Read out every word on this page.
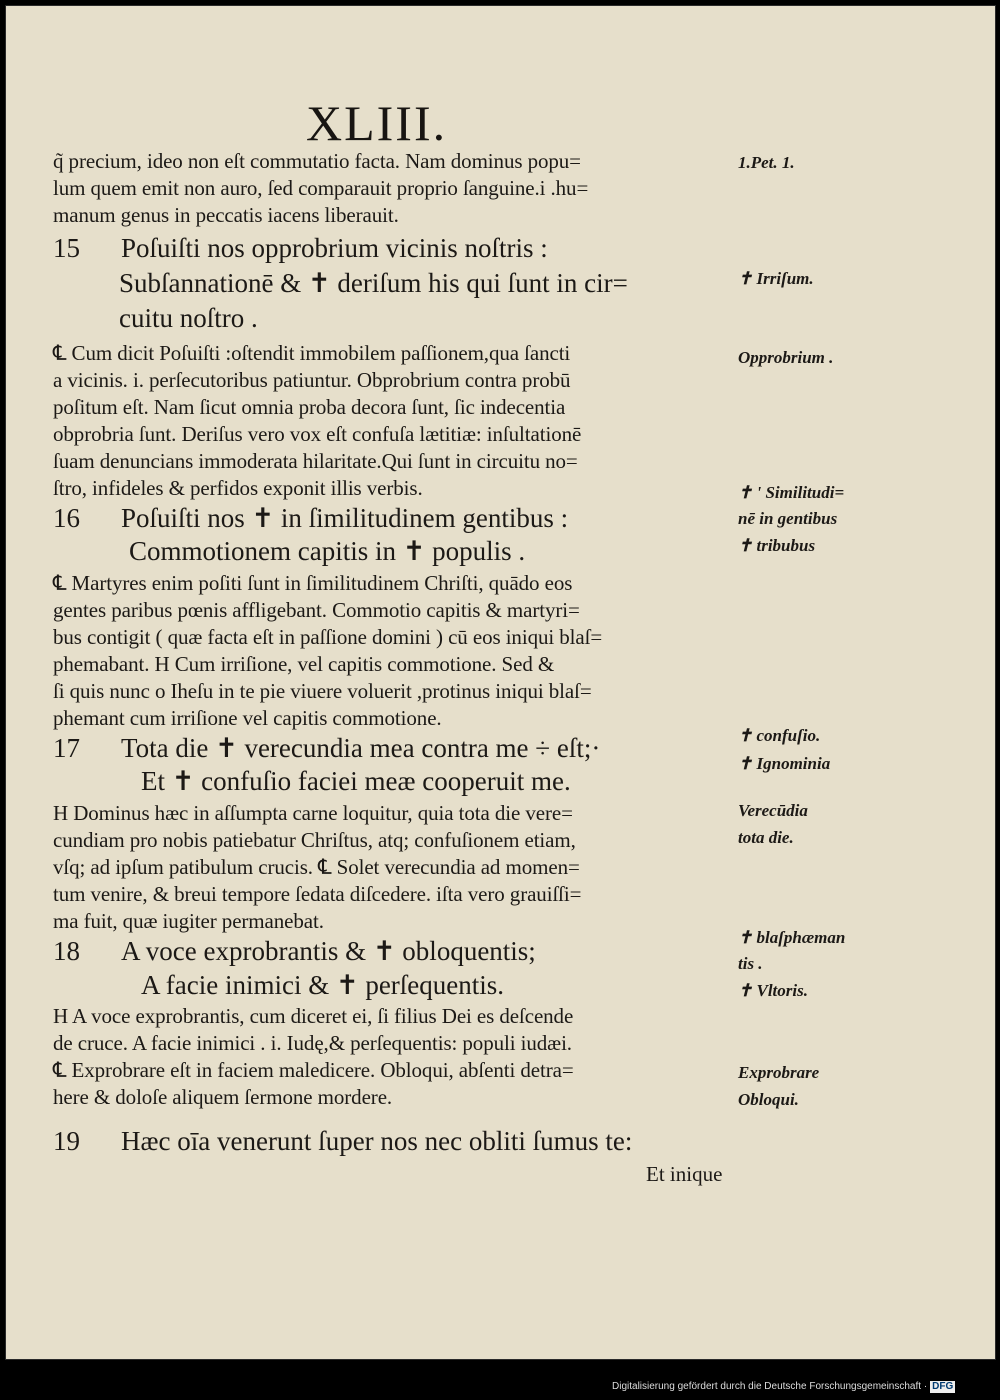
XLIII.
q̃ precium, ideo non eſt commutatio facta. Nam dominus popu=
lum quem emit non auro, ſed comparauit proprio ſanguine.i .hu=
manum genus in peccatis iacens liberauit.
15 Poſuiſti nos opprobrium vicinis noſtris :
Subſannationē & ✝ deriſum his qui ſunt in cir=
cuitu noſtro .
℄ Cum dicit Poſuiſti :oſtendit immobilem paſſionem,qua ſancti
a vicinis. i. perſecutoribus patiuntur. Obprobrium contra probū
poſitum eſt. Nam ſicut omnia proba decora ſunt, ſic indecentia
obprobria ſunt. Deriſus vero vox eſt confuſa lætitiæ: inſultationē
ſuam denuncians immoderata hilaritate.Qui ſunt in circuitu no=
ſtro, infideles & perfidos exponit illis verbis.
16 Poſuiſti nos ✝ in ſimilitudinem gentibus :
Commotionem capitis in ✝ populis .
℄ Martyres enim poſiti ſunt in ſimilitudinem Chriſti, quādo eos
gentes paribus pœnis affligebant. Commotio capitis & martyri=
bus contigit ( quæ facta eſt in paſſione domini ) cū eos iniqui blaſ=
phemabant. H Cum irriſione, vel capitis commotione. Sed &
ſi quis nunc o Iheſu in te pie viuere voluerit ,protinus iniqui blaſ=
phemant cum irriſione vel capitis commotione.
17 Tota die ✝ verecundia mea contra me ÷ eſt;·
Et ✝ confuſio faciei meæ cooperuit me.
H Dominus hæc in aſſumpta carne loquitur, quia tota die vere=
cundiam pro nobis patiebatur Chriſtus, atq; confuſionem etiam,
vſq; ad ipſum patibulum crucis. ℄ Solet verecundia ad momen=
tum venire, & breui tempore ſedata diſcedere. iſta vero grauiſſi=
ma fuit, quæ iugiter permanebat.
18 A voce exprobrantis & ✝ obloquentis;
A facie inimici & ✝ perſequentis.
H A voce exprobrantis, cum diceret ei, ſi filius Dei es deſcende
de cruce. A facie inimici . i. Iudę,& perſequentis: populi iudæi.
℄ Exprobrare eſt in faciem maledicere. Obloqui, abſenti detra=
here & doloſe aliquem ſermone mordere.
19 Hæc oīa venerunt ſuper nos nec obliti ſumus te:
Et inique
1.Pet. 1.
✝ Irriſum.
Opprobrium .
✝ ' Similitudi=
nē in gentibus
✝ tribubus
✝ confuſio.
✝ Ignominia
Verecūdia
tota die.
✝ blaſphæman
tis .
✝ Vltoris.
Exprobrare
Obloqui.
Digitalisierung gefördert durch die Deutsche Forschungsgemeinschaft · DFG
